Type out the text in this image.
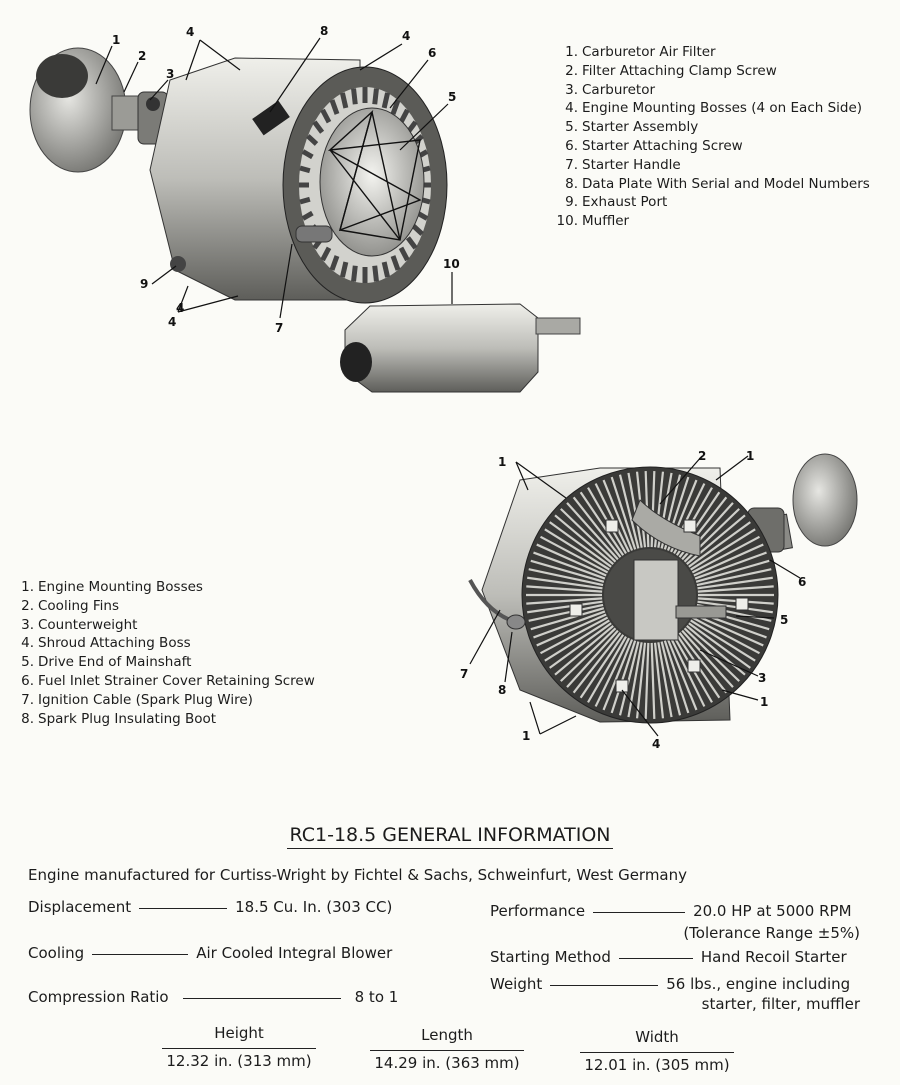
1
2
3
4	4
8
4
6
5
9
4	7
10
1	2	1
6
5
7
8
3
1
1
4
1. Carburetor Air Filter
2. Filter Attaching Clamp Screw
3. Carburetor
4. Engine Mounting Bosses (4 on Each Side)
5. Starter Assembly
6. Starter Attaching Screw
7. Starter Handle
8. Data Plate With Serial and Model Numbers
9. Exhaust Port
10. Muffler
1. Engine Mounting Bosses
2. Cooling Fins
3. Counterweight
4. Shroud Attaching Boss
5. Drive End of Mainshaft
6. Fuel Inlet Strainer Cover Retaining Screw
7. Ignition Cable (Spark Plug Wire)
8. Spark Plug Insulating Boot
RC1-18.5 GENERAL INFORMATION
Engine manufactured for Curtiss-Wright by Fichtel & Sachs, Schweinfurt, West Germany
Displacement	18.5 Cu. In. (303 CC)
Cooling	Air Cooled Integral Blower
Compression Ratio	8 to 1
Performance	20.0 HP at 5000 RPM
(Tolerance Range ±5%)
Starting Method	Hand Recoil Starter
Weight	56 lbs., engine including
starter, filter, muffler
Height
12.32 in. (313 mm)
Length
14.29 in. (363 mm)
Width
12.01 in. (305 mm)
